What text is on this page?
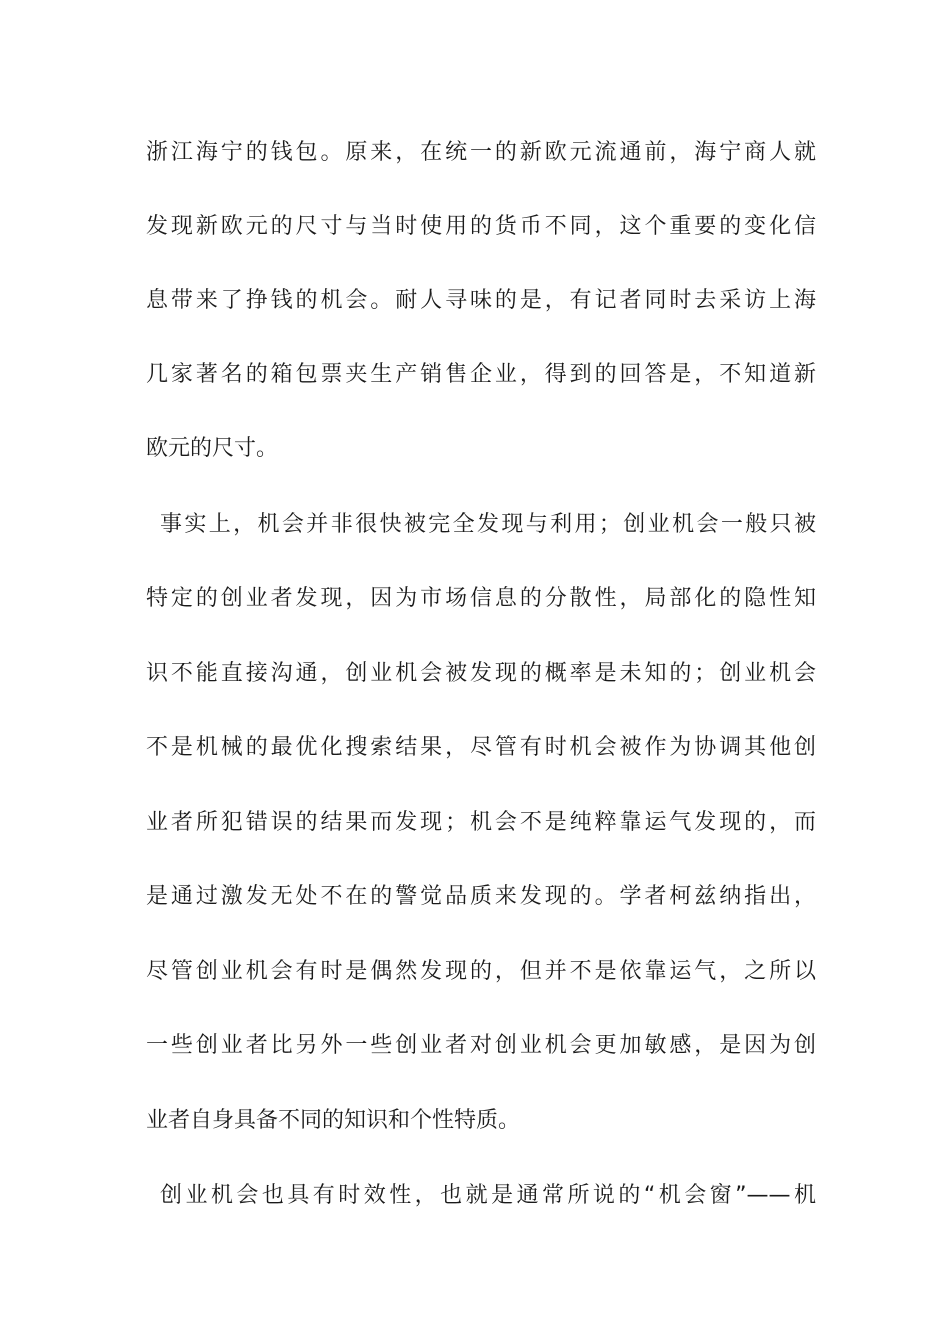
浙江海宁的钱包。原来，在统一的新欧元流通前，海宁商人就
发现新欧元的尺寸与当时使用的货币不同，这个重要的变化信
息带来了挣钱的机会。耐人寻味的是，有记者同时去采访上海
几家著名的箱包票夹生产销售企业，得到的回答是，不知道新
欧元的尺寸。
事实上，机会并非很快被完全发现与利用；创业机会一般只被
特定的创业者发现，因为市场信息的分散性，局部化的隐性知
识不能直接沟通，创业机会被发现的概率是未知的；创业机会
不是机械的最优化搜索结果，尽管有时机会被作为协调其他创
业者所犯错误的结果而发现；机会不是纯粹靠运气发现的，而
是通过激发无处不在的警觉品质来发现的。学者柯兹纳指出，
尽管创业机会有时是偶然发现的，但并不是依靠运气，之所以
一些创业者比另外一些创业者对创业机会更加敏感，是因为创
业者自身具备不同的知识和个性特质。
创业机会也具有时效性，也就是通常所说的“机会窗”——机
